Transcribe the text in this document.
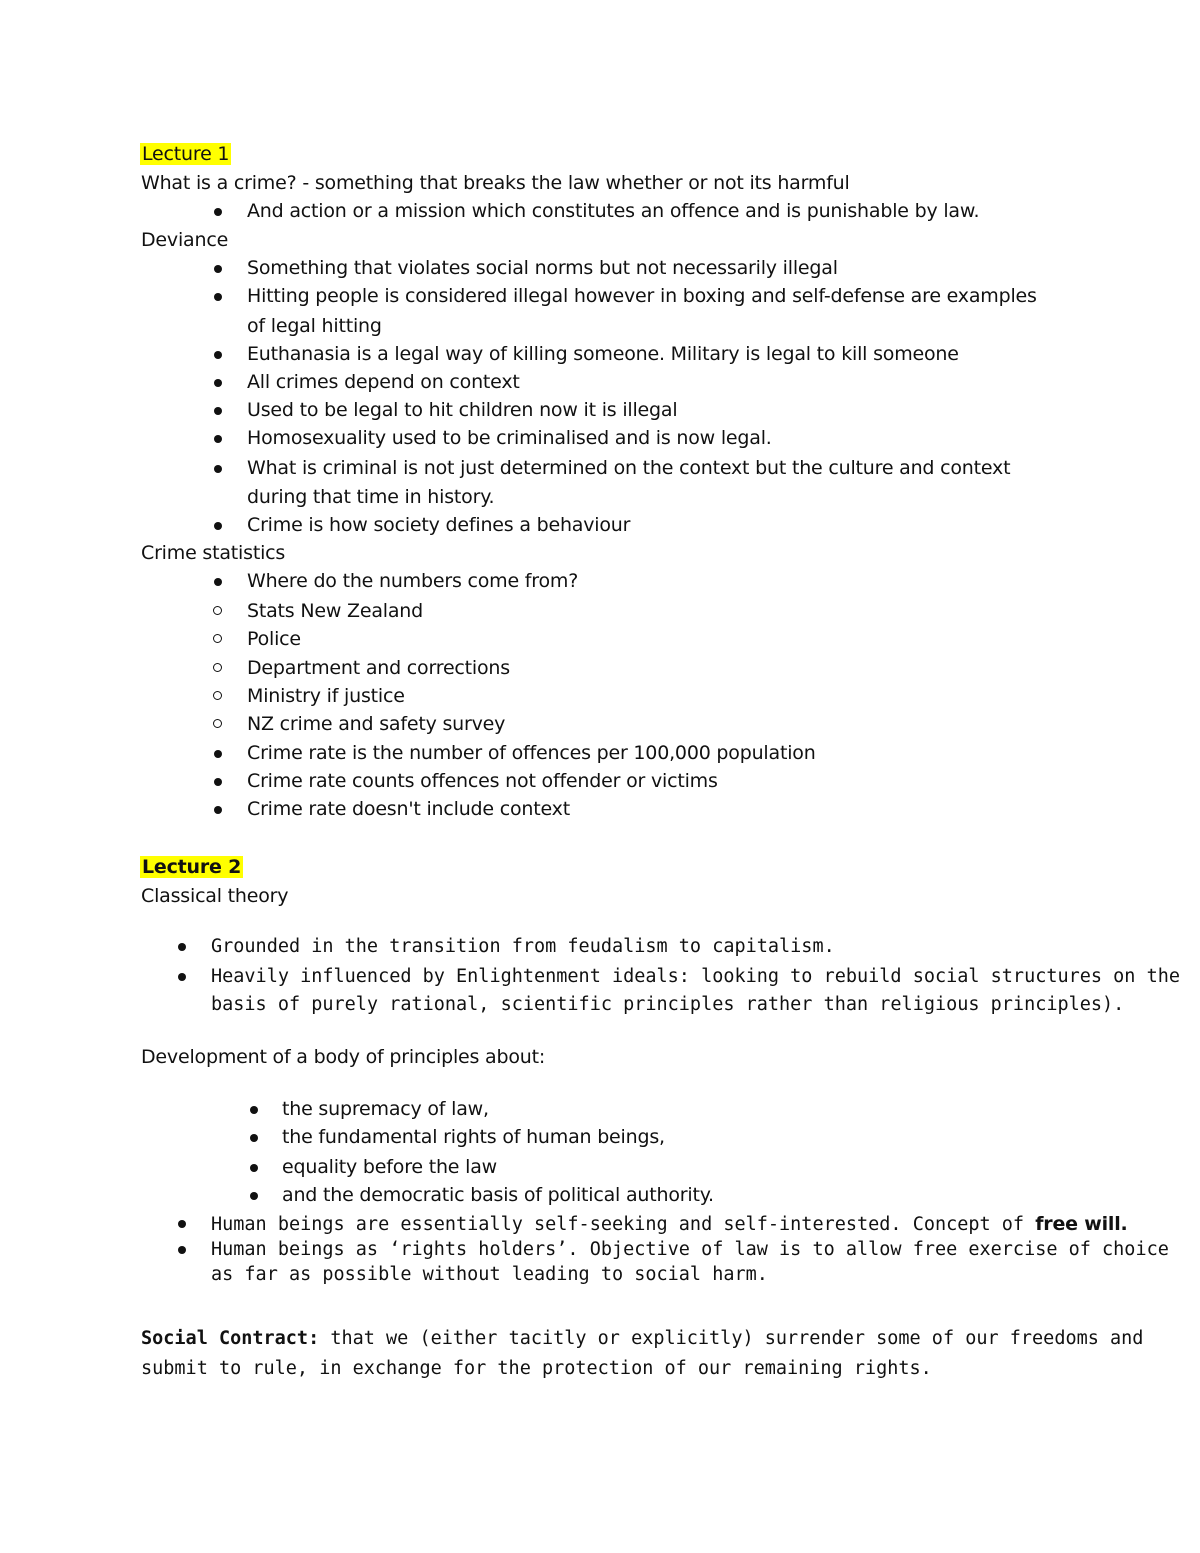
Lecture 1
What is a crime? - something that breaks the law whether or not its harmful
And action or a mission which constitutes an offence and is punishable by law.
Deviance
Something that violates social norms but not necessarily illegal
Hitting people is considered illegal however in boxing and self-defense are examples
of legal hitting
Euthanasia is a legal way of killing someone. Military is legal to kill someone
All crimes depend on context
Used to be legal to hit children now it is illegal
Homosexuality used to be criminalised and is now legal.
What is criminal is not just determined on the context but the culture and context
during that time in history.
Crime is how society defines a behaviour
Crime statistics
Where do the numbers come from?
Stats New Zealand
Police
Department and corrections
Ministry if justice
NZ crime and safety survey
Crime rate is the number of offences per 100,000 population
Crime rate counts offences not offender or victims
Crime rate doesn't include context
Lecture 2
Classical theory
Grounded in the transition from feudalism to capitalism.
Heavily influenced by Enlightenment ideals: looking to rebuild social structures on the
basis of purely rational, scientific principles rather than religious principles).
Development of a body of principles about:
the supremacy of law,
the fundamental rights of human beings,
equality before the law
and the democratic basis of political authority.
Human beings are essentially self-seeking and self-interested. Concept of free will.
Human beings as ‘rights holders’. Objective of law is to allow free exercise of choice
as far as possible without leading to social harm.
Social Contract: that we (either tacitly or explicitly) surrender some of our freedoms and
submit to rule, in exchange for the protection of our remaining rights.
